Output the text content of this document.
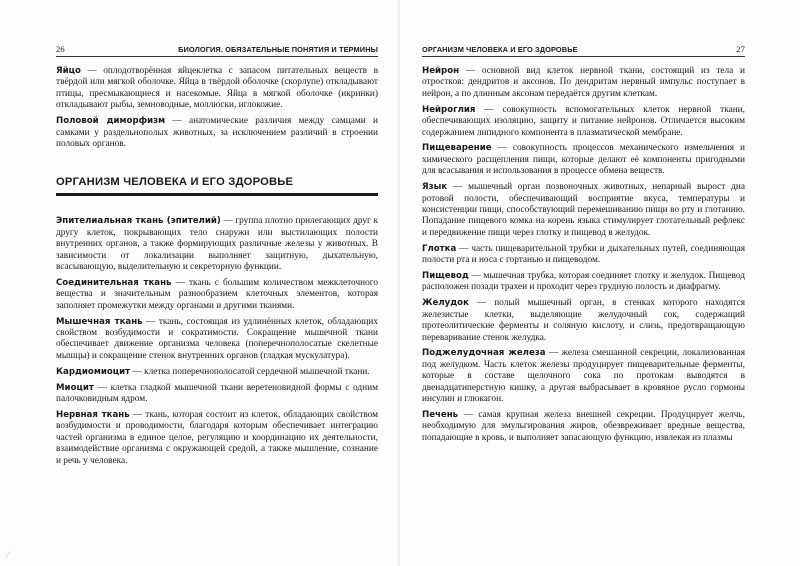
26	БИОЛОГИЯ. ОБЯЗАТЕЛЬНЫЕ ПОНЯТИЯ И ТЕРМИНЫ

Яйцо — оплодотворённая яйцеклетка с запасом питательных веществ в твёрдой или мягкой оболочке. Яйца в твёрдой оболочке (скорлупе) откладывают птицы, пресмыкающиеся и насекомые. Яйца в мягкой оболочке (икринки) откладывают рыбы, земноводные, моллюски, иглокожие.

Половой диморфизм — анатомические различия между самцами и самками у раздельнополых животных, за исключением различий в строении половых органов.

ОРГАНИЗМ ЧЕЛОВЕКА И ЕГО ЗДОРОВЬЕ

Эпителиальная ткань (эпителий) — группа плотно прилегающих друг к другу клеток, покрывающих тело снаружи или выстилающих полости внутренних органов, а также формирующих различные железы у животных. В зависимости от локализации выполняет защитную, дыхательную, всасывающую, выделительную и секреторную функции.

Соединительная ткань — ткань с большим количеством межклеточного вещества и значительным разнообразием клеточных элементов, которая заполняет промежутки между органами и другими тканями.

Мышечная ткань — ткань, состоящая из удлинённых клеток, обладающих свойством возбудимости и сократимости. Сокращение мышечной ткани обеспечивает движение организма человека (поперечнополосатые скелетные мышцы) и сокращение стенок внутренних органов (гладкая мускулатура).

Кардиомиоцит — клетка поперечнополосатой сердечной мышечной ткани.

Миоцит — клетка гладкой мышечной ткани веретеновидной формы с одним палочковидным ядром.

Нервная ткань — ткань, которая состоит из клеток, обладающих свойством возбудимости и проводимости, благодаря которым обеспечивает интеграцию частей организма в единое целое, регуляцию и координацию их деятельности, взаимодействие организма с окружающей средой, а также мышление, сознание и речь у человека.

ОРГАНИЗМ ЧЕЛОВЕКА И ЕГО ЗДОРОВЬЕ	27

Нейрон — основной вид клеток нервной ткани, состоящий из тела и отростков: дендритов и аксонов. По дендритам нервный импульс поступает в нейрон, а по длинным аксонам передаётся другим клеткам.

Нейроглия — совокупность вспомогательных клеток нервной ткани, обеспечивающих изоляцию, защиту и питание нейронов. Отличается высоким содержанием липидного компонента в плазматической мембране.

Пищеварение — совокупность процессов механического измельчения и химического расщепления пищи, которые делают её компоненты пригодными для всасывания и использования в процессе обмена веществ.

Язык — мышечный орган позвоночных животных, непарный вырост дна ротовой полости, обеспечивающий восприятие вкуса, температуры и консистенции пищи, способствующий перемешиванию пищи во рту и глотанию. Попадание пищевого комка на корень языка стимулирует глотательный рефлекс и передвижение пищи через глотку и пищевод в желудок.

Глотка — часть пищеварительной трубки и дыхательных путей, соединяющая полости рта и носа с гортанью и пищеводом.

Пищевод — мышечная трубка, которая соединяет глотку и желудок. Пищевод расположен позади трахеи и проходит через грудную полость и диафрагму.

Желудок — полый мышечный орган, в стенках которого находятся железистые клетки, выделяющие желудочный сок, содержащий протеолитические ферменты и соляную кислоту, и слизь, предотвращающую переваривание стенок желудка.

Поджелудочная железа — железа смешанной секреции, локализованная под желудком. Часть клеток железы продуцирует пищеварительные ферменты, которые в составе щелочного сока по протокам выводятся в двенадцатиперстную кишку, а другая выбрасывает в кровяное русло гормоны инсулин и глюкагон.

Печень — самая крупная железа внешней секреции. Продуцирует желчь, необходимую для эмульгирования жиров, обезвреживает вредные вещества, попадающие в кровь, и выполняет запасающую функцию, извлекая из плазмы

⁄
